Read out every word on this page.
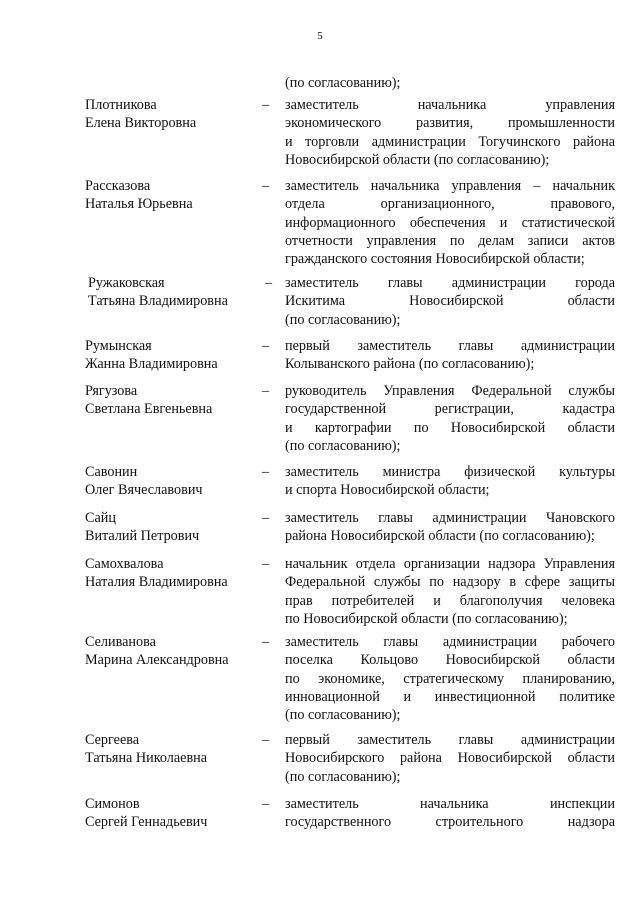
5
(по согласованию);
Плотникова
Елена Викторовна
– заместитель начальника управления
экономического развития, промышленности
и торговли администрации Тогучинского района
Новосибирской области (по согласованию);
Рассказова
Наталья Юрьевна
– заместитель начальника управления – начальник
отдела организационного, правового,
информационного обеспечения и статистической
отчетности управления по делам записи актов
гражданского состояния Новосибирской области;
Ружаковская
Татьяна Владимировна
– заместитель главы администрации города
Искитима Новосибирской области
(по согласованию);
Румынская
Жанна Владимировна
– первый заместитель главы администрации
Колыванского района (по согласованию);
Рягузова
Светлана Евгеньевна
– руководитель Управления Федеральной службы
государственной регистрации, кадастра
и картографии по Новосибирской области
(по согласованию);
Савонин
Олег Вячеславович
– заместитель министра физической культуры
и спорта Новосибирской области;
Сайц
Виталий Петрович
– заместитель главы администрации Чановского
района Новосибирской области (по согласованию);
Самохвалова
Наталия Владимировна
– начальник отдела организации надзора Управления
Федеральной службы по надзору в сфере защиты
прав потребителей и благополучия человека
по Новосибирской области (по согласованию);
Селиванова
Марина Александровна
– заместитель главы администрации рабочего
поселка Кольцово Новосибирской области
по экономике, стратегическому планированию,
инновационной и инвестиционной политике
(по согласованию);
Сергеева
Татьяна Николаевна
– первый заместитель главы администрации
Новосибирского района Новосибирской области
(по согласованию);
Симонов
Сергей Геннадьевич
– заместитель начальника инспекции
государственного строительного надзора
